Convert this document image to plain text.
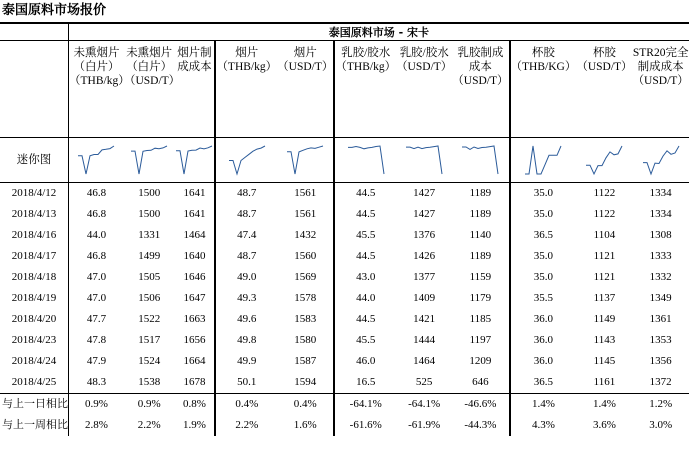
泰国原料市场报价
	泰国原料市场 - 宋卡										
	未熏烟片（白片）（THB/kg）	未熏烟片（白片）（USD/T）	烟片制成成本	烟片（THB/kg）	烟片（USD/T）	乳胶/胶水（THB/kg）	乳胶/胶水（USD/T）	乳胶制成成本（USD/T）	杯胶（THB/KG）	杯胶（USD/T）	STR20完全制成成本（USD/T）
迷你图	

2018/4/12	46.8	1500	1641	48.7	1561	44.5	1427	1189	35.0	1122	1334
2018/4/13	46.8	1500	1641	48.7	1561	44.5	1427	1189	35.0	1122	1334
2018/4/16	44.0	1331	1464	47.4	1432	45.5	1376	1140	36.5	1104	1308
2018/4/17	46.8	1499	1640	48.7	1560	44.5	1426	1189	35.0	1121	1333
2018/4/18	47.0	1505	1646	49.0	1569	43.0	1377	1159	35.0	1121	1332
2018/4/19	47.0	1506	1647	49.3	1578	44.0	1409	1179	35.5	1137	1349
2018/4/20	47.7	1522	1663	49.6	1583	44.5	1421	1185	36.0	1149	1361
2018/4/23	47.8	1517	1656	49.8	1580	45.5	1444	1197	36.0	1143	1353
2018/4/24	47.9	1524	1664	49.9	1587	46.0	1464	1209	36.0	1145	1356
2018/4/25	48.3	1538	1678	50.1	1594	16.5	525	646	36.5	1161	1372
与上一日相比	0.9%	0.9%	0.8%	0.4%	0.4%	-64.1%	-64.1%	-46.6%	1.4%	1.4%	1.2%
与上一周相比	2.8%	2.2%	1.9%	2.2%	1.6%	-61.6%	-61.9%	-44.3%	4.3%	3.6%	3.0%
